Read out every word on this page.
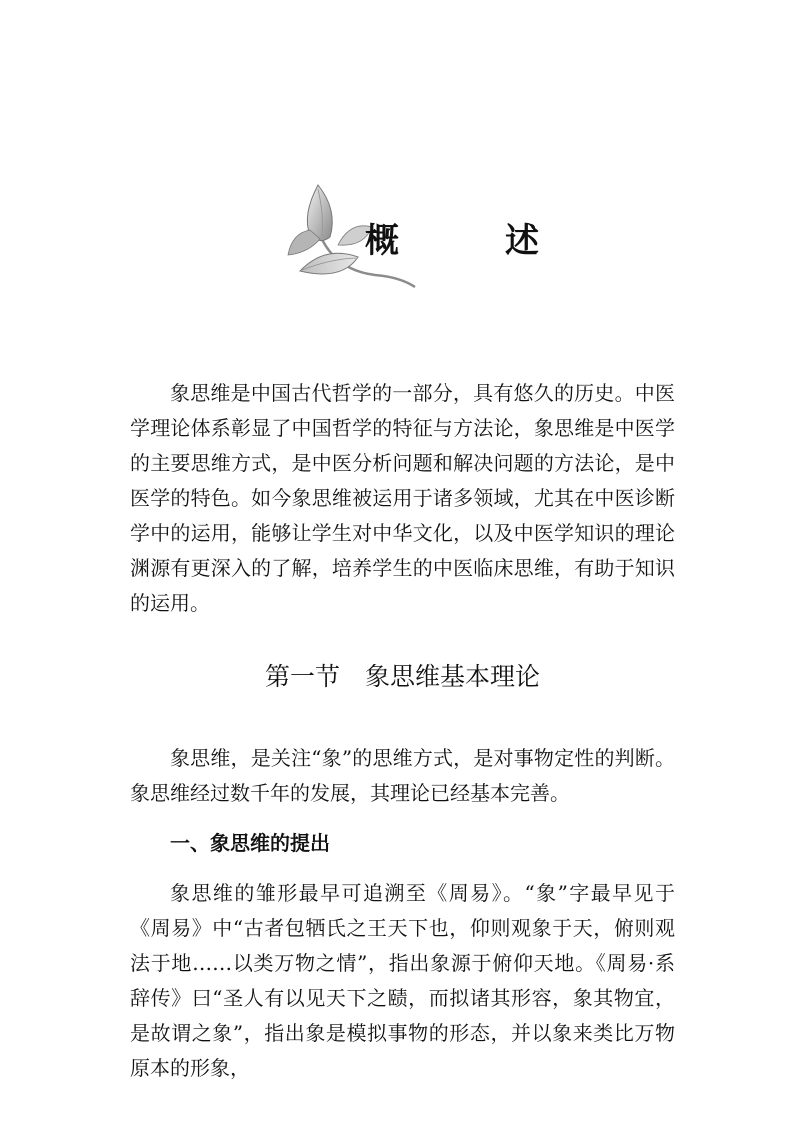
概　述

象思维是中国古代哲学的一部分，具有悠久的历史。中医学理论体系彰显了中国哲学的特征与方法论，象思维是中医学的主要思维方式，是中医分析问题和解决问题的方法论，是中医学的特色。如今象思维被运用于诸多领域，尤其在中医诊断学中的运用，能够让学生对中华文化，以及中医学知识的理论渊源有更深入的了解，培养学生的中医临床思维，有助于知识的运用。

第一节　象思维基本理论

象思维，是关注“象”的思维方式，是对事物定性的判断。象思维经过数千年的发展，其理论已经基本完善。

一、象思维的提出

象思维的雏形最早可追溯至《周易》。“象”字最早见于《周易》中“古者包牺氏之王天下也，仰则观象于天，俯则观法于地……以类万物之情”，指出象源于俯仰天地。《周易·系辞传》曰“圣人有以见天下之赜，而拟诸其形容，象其物宜，是故谓之象”，指出象是模拟事物的形态，并以象来类比万物原本的形象，
